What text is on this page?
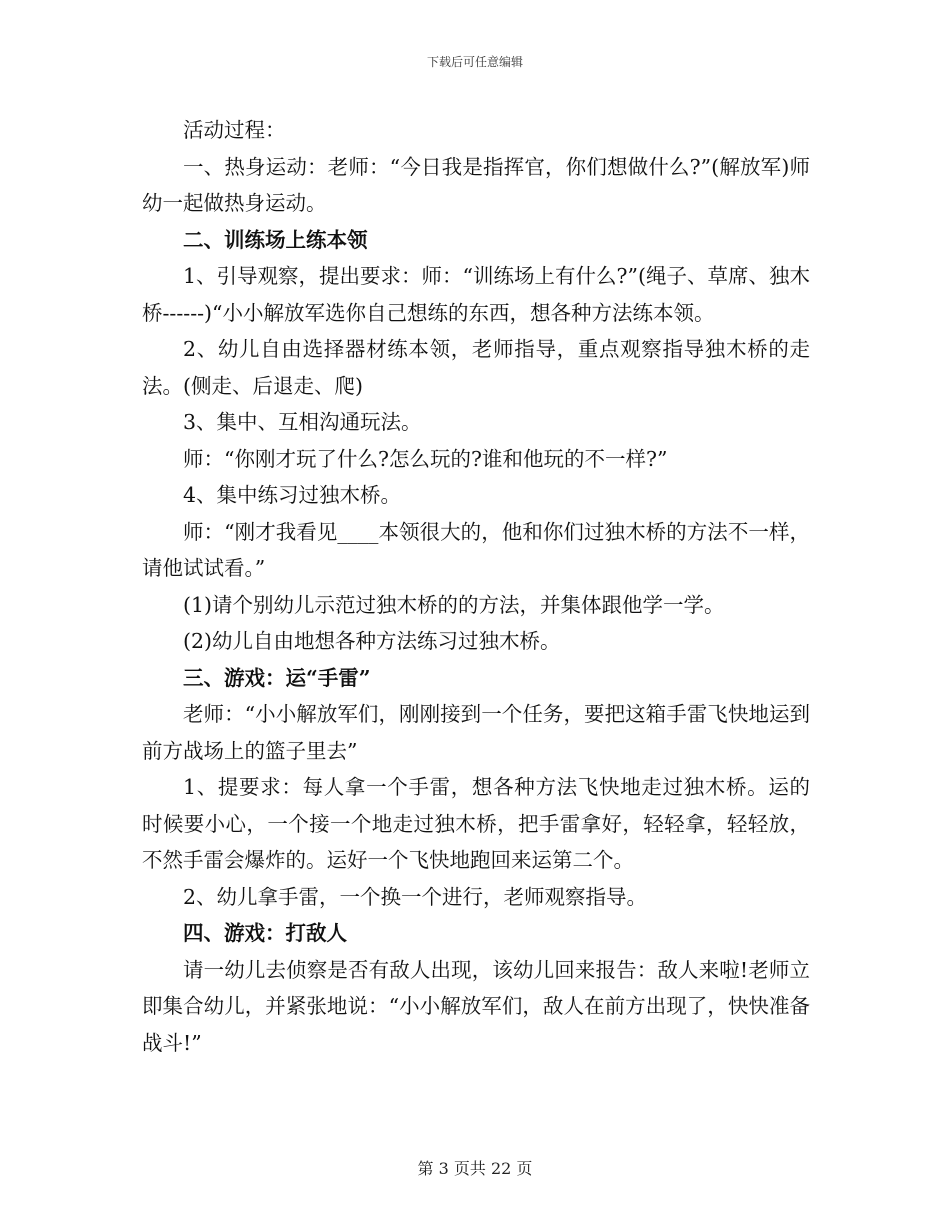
下载后可任意编辑

活动过程：

一、热身运动：老师：“今日我是指挥官，你们想做什么?”(解放军)师幼一起做热身运动。

二、训练场上练本领

1、引导观察，提出要求：师：“训练场上有什么?”(绳子、草席、独木桥------)“小小解放军选你自己想练的东西，想各种方法练本领。

2、幼儿自由选择器材练本领，老师指导，重点观察指导独木桥的走法。(侧走、后退走、爬)

3、集中、互相沟通玩法。

师：“你刚才玩了什么?怎么玩的?谁和他玩的不一样?”

4、集中练习过独木桥。

师：“刚才我看见____本领很大的，他和你们过独木桥的方法不一样，请他试试看。”

(1)请个别幼儿示范过独木桥的的方法，并集体跟他学一学。

(2)幼儿自由地想各种方法练习过独木桥。

三、游戏：运“手雷”

老师：“小小解放军们，刚刚接到一个任务，要把这箱手雷飞快地运到前方战场上的篮子里去”

1、提要求：每人拿一个手雷，想各种方法飞快地走过独木桥。运的时候要小心，一个接一个地走过独木桥，把手雷拿好，轻轻拿，轻轻放，不然手雷会爆炸的。运好一个飞快地跑回来运第二个。

2、幼儿拿手雷，一个换一个进行，老师观察指导。

四、游戏：打敌人

请一幼儿去侦察是否有敌人出现，该幼儿回来报告：敌人来啦!老师立即集合幼儿，并紧张地说：“小小解放军们，敌人在前方出现了，快快准备战斗!”

第 3 页共 22 页
